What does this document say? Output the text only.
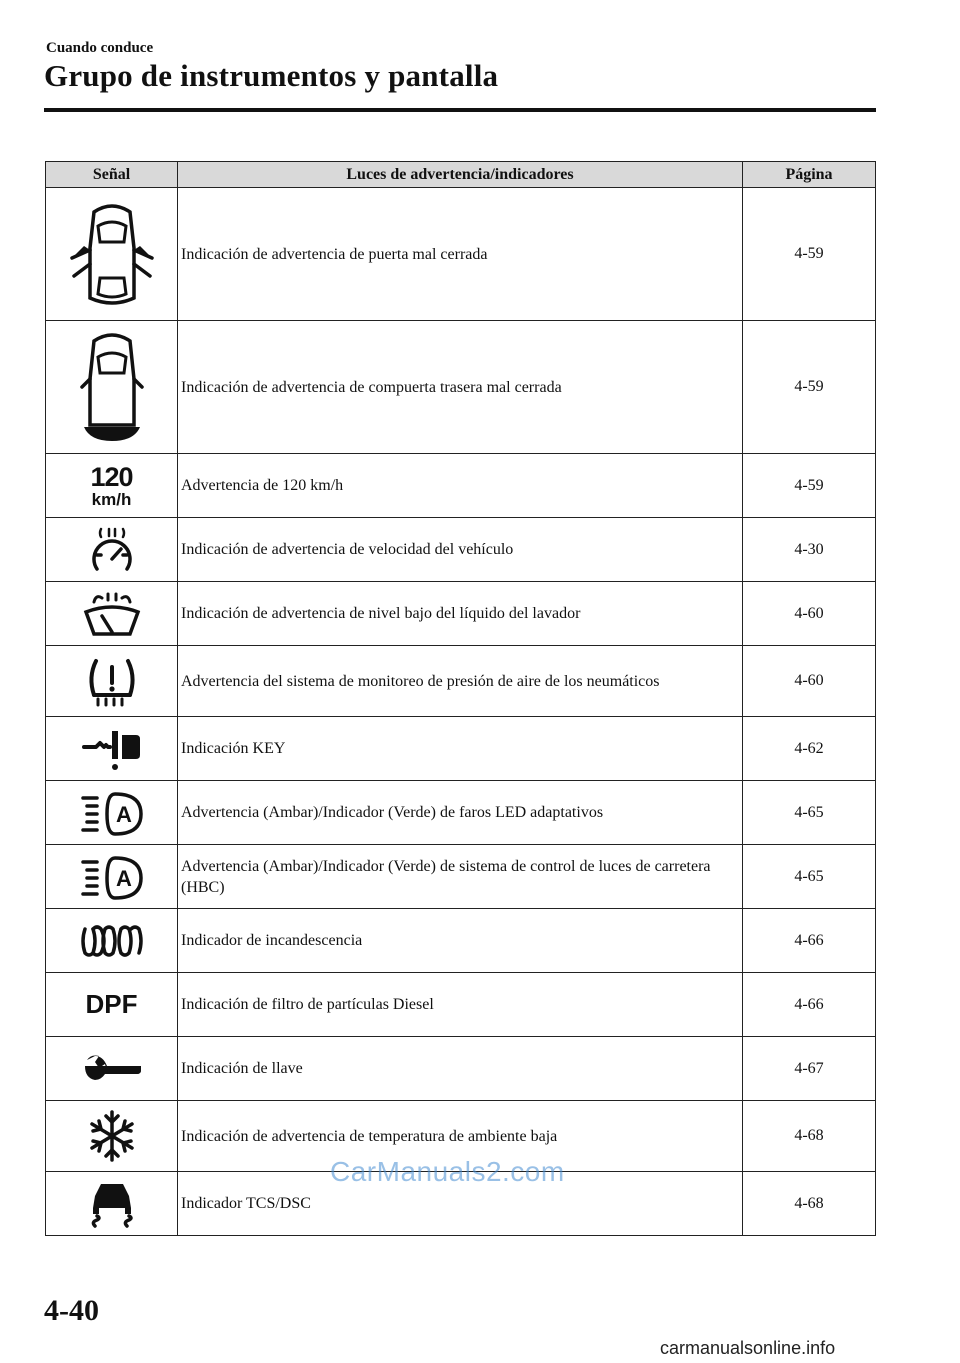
Cuando conduce
Grupo de instrumentos y pantalla
Señal	Luces de advertencia/indicadores	Página

	Indicación de advertencia de puerta mal cerrada	4-59

	Indicación de advertencia de compuerta trasera mal cerrada	4-59

120
km/h	Advertencia de 120 km/h	4-59

	Indicación de advertencia de velocidad del vehículo	4-30

	Indicación de advertencia de nivel bajo del líquido del lavador	4-60

	Advertencia del sistema de monitoreo de presión de aire de los neumáticos	4-60

	Indicación KEY	4-62

A	Advertencia (Ambar)/Indicador (Verde) de faros LED adaptativos	4-65

A	Advertencia (Ambar)/Indicador (Verde) de sistema de control de luces de carretera (HBC)	4-65

	Indicador de incandescencia	4-66

DPF	Indicación de filtro de partículas Diesel	4-66

	Indicación de llave	4-67

	Indicación de advertencia de temperatura de ambiente baja	4-68

	Indicador TCS/DSC	4-68
CarManuals2.com
4-40
carmanualsonline.info
